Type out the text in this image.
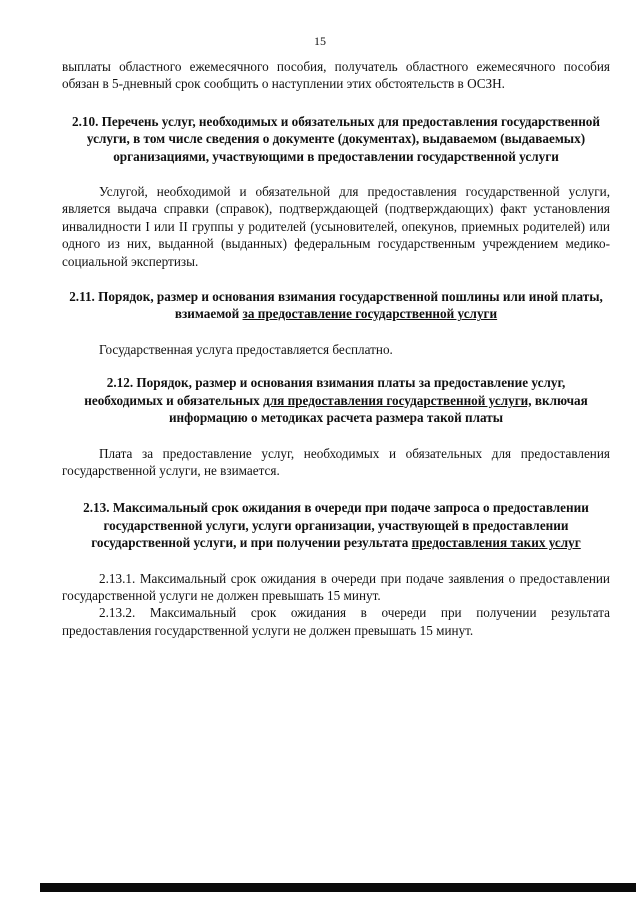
15

выплаты областного ежемесячного пособия, получатель областного ежемесячного пособия обязан в 5-дневный срок сообщить о наступлении этих обстоятельств в ОСЗН.

2.10. Перечень услуг, необходимых и обязательных для предоставления государственной услуги, в том числе сведения о документе (документах), выдаваемом (выдаваемых) организациями, участвующими в предоставлении государственной услуги

Услугой, необходимой и обязательной для предоставления государственной услуги, является выдача справки (справок), подтверждающей (подтверждающих) факт установления инвалидности I или II группы у родителей (усыновителей, опекунов, приемных родителей) или одного из них, выданной (выданных) федеральным государственным учреждением медико-социальной экспертизы.

2.11. Порядок, размер и основания взимания государственной пошлины или иной платы, взимаемой за предоставление государственной услуги

Государственная услуга предоставляется бесплатно.

2.12. Порядок, размер и основания взимания платы за предоставление услуг, необходимых и обязательных для предоставления государственной услуги, включая информацию о методиках расчета размера такой платы

Плата за предоставление услуг, необходимых и обязательных для предоставления государственной услуги, не взимается.

2.13. Максимальный срок ожидания в очереди при подаче запроса о предоставлении государственной услуги, услуги организации, участвующей в предоставлении государственной услуги, и при получении результата предоставления таких услуг

2.13.1. Максимальный срок ожидания в очереди при подаче заявления о предоставлении государственной услуги не должен превышать 15 минут.

2.13.2. Максимальный срок ожидания в очереди при получении результата предоставления государственной услуги не должен превышать 15 минут.
